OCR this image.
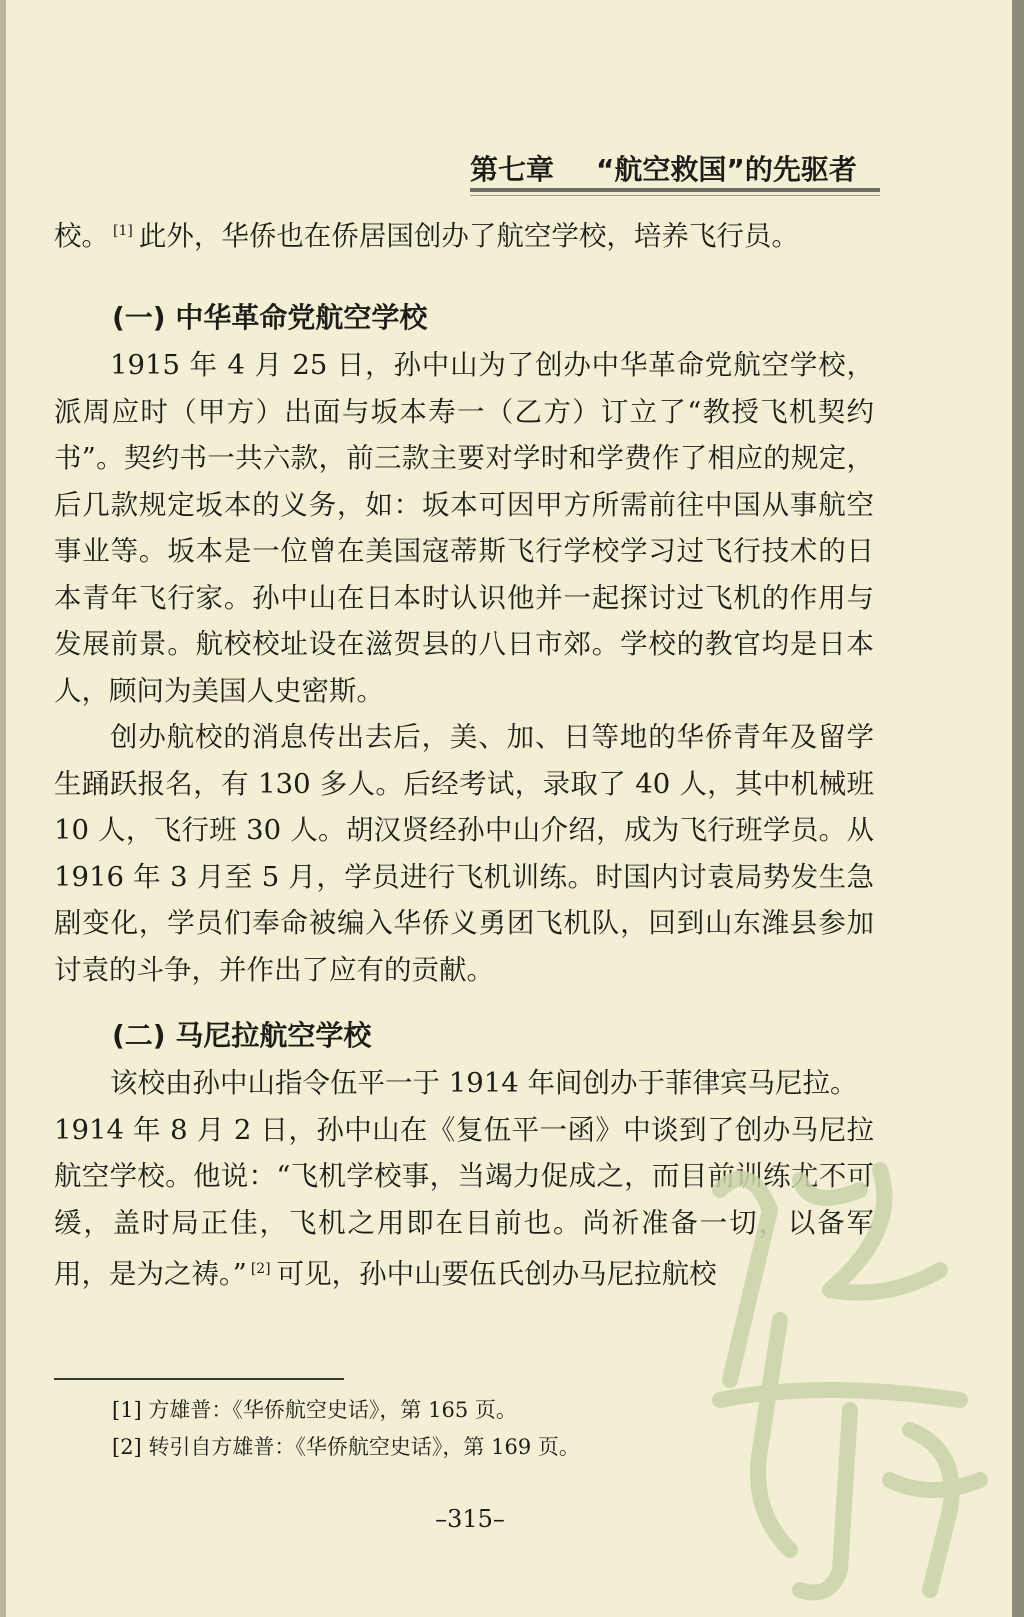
第七章 “航空救国”的先驱者

校。 [1] 此外，华侨也在侨居国创办了航空学校，培养飞行员。

(一) 中华革命党航空学校

1915 年 4 月 25 日，孙中山为了创办中华革命党航空学校，派周应时（甲方）出面与坂本寿一（乙方）订立了“教授飞机契约书”。契约书一共六款，前三款主要对学时和学费作了相应的规定，后几款规定坂本的义务，如：坂本可因甲方所需前往中国从事航空事业等。坂本是一位曾在美国寇蒂斯飞行学校学习过飞行技术的日本青年飞行家。孙中山在日本时认识他并一起探讨过飞机的作用与发展前景。航校校址设在滋贺县的八日市郊。学校的教官均是日本人，顾问为美国人史密斯。

创办航校的消息传出去后，美、加、日等地的华侨青年及留学生踊跃报名，有 130 多人。后经考试，录取了 40 人，其中机械班 10 人，飞行班 30 人。胡汉贤经孙中山介绍，成为飞行班学员。从 1916 年 3 月至 5 月，学员进行飞机训练。时国内讨袁局势发生急剧变化，学员们奉命被编入华侨义勇团飞机队，回到山东潍县参加讨袁的斗争，并作出了应有的贡献。

(二) 马尼拉航空学校

该校由孙中山指令伍平一于 1914 年间创办于菲律宾马尼拉。

1914 年 8 月 2 日，孙中山在《复伍平一函》中谈到了创办马尼拉航空学校。他说：“飞机学校事，当竭力促成之，而目前训练尤不可缓，盖时局正佳，飞机之用即在目前也。尚祈准备一切，以备军用，是为之祷。” [2] 可见，孙中山要伍氏创办马尼拉航校

[1] 方雄普：《华侨航空史话》，第 165 页。
[2] 转引自方雄普：《华侨航空史话》，第 169 页。
–315–
